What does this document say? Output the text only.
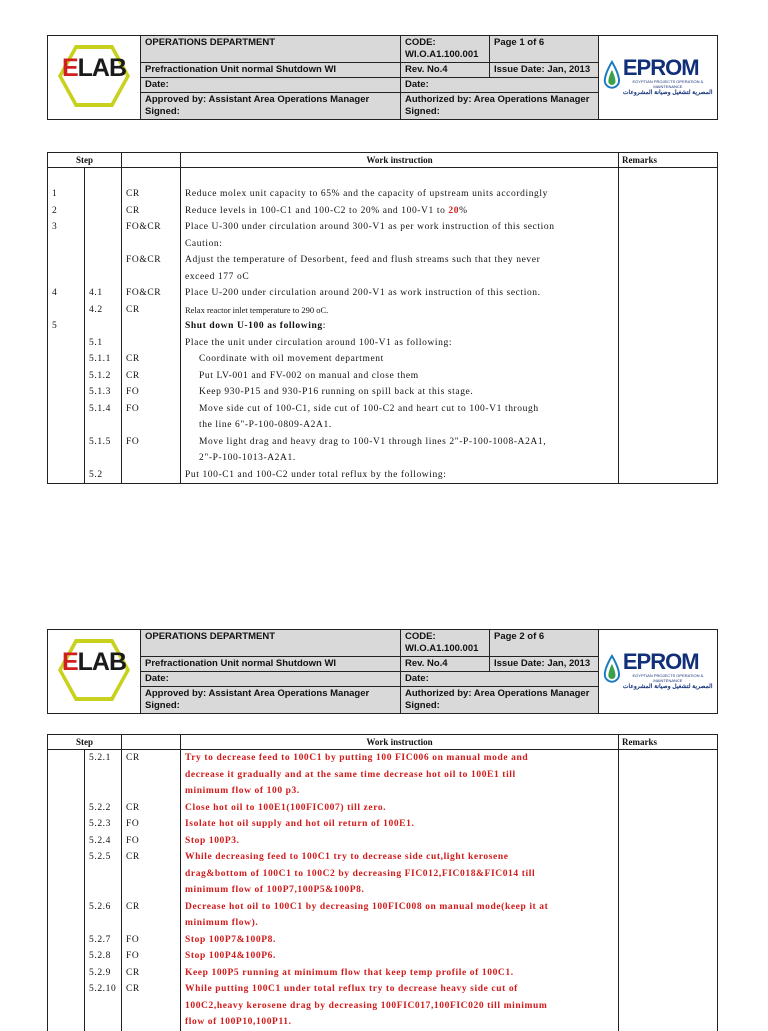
ELAB	OPERATIONS DEPARTMENT	CODE:
WI.O.A1.100.001	Page 1 of 6	EPROM
EGYPTIAN PROJECTS OPERATION & MAINTENANCE
المصرية لتشغيل وصيانة المشروعات

	Prefractionation Unit normal Shutdown WI	Rev. No.4	Issue Date: Jan, 2013	
	Date:	Date:		
	Approved by: Assistant Area Operations Manager
Signed:	Authorized by: Area Operations Manager
Signed:		
ELAB	OPERATIONS DEPARTMENT	CODE:
WI.O.A1.100.001	Page 2 of 6	EPROM
EGYPTIAN PROJECTS OPERATION & MAINTENANCE
المصرية لتشغيل وصيانة المشروعات

	Prefractionation Unit normal Shutdown WI	Rev. No.4	Issue Date: Jan, 2013	
	Date:	Date:		
	Approved by: Assistant Area Operations Manager
Signed:	Authorized by: Area Operations Manager
Signed:		
Step			Work instruction	Remarks

1		CR	Reduce molex unit capacity to 65% and the capacity of upstream units accordingly	
2		CR	Reduce levels in 100-C1 and 100-C2 to 20% and 100-V1 to 20%	
3		FO&CR	Place U-300 under circulation around 300-V1 as per work instruction of this section	
			Caution:	
		FO&CR	Adjust the temperature of Desorbent, feed and flush streams such that they never	
			exceed 177 oC	
4	4.1	FO&CR	Place U-200 under circulation around 200-V1 as work instruction of this section.	
	4.2	CR	Relax reactor inlet temperature to 290 oC.	
5			Shut down U-100 as following:	
	5.1		Place the unit under circulation around 100-V1 as following:	
	5.1.1	CR	Coordinate with oil movement department	
	5.1.2	CR	Put LV-001 and FV-002 on manual and close them	
	5.1.3	FO	Keep 930-P15 and 930-P16 running on spill back at this stage.	
	5.1.4	FO	Move side cut of 100-C1, side cut of 100-C2 and heart cut to 100-V1 through	
			the line 6"-P-100-0809-A2A1.	
	5.1.5	FO	Move light drag and heavy drag to 100-V1 through lines 2"-P-100-1008-A2A1,	
			2"-P-100-1013-A2A1.	
	5.2		Put 100-C1 and 100-C2 under total reflux by the following:	
Step			Work instruction	Remarks
	5.2.1	CR	Try to decrease feed to 100C1 by putting 100 FIC006 on manual mode and	
			decrease it gradually and at the same time decrease hot oil to 100E1 till	
			minimum flow of 100 p3.	
	5.2.2	CR	Close hot oil to 100E1(100FIC007) till zero.	
	5.2.3	FO	Isolate hot oil supply and hot oil return of 100E1.	
	5.2.4	FO	Stop 100P3.	
	5.2.5	CR	While decreasing feed to 100C1 try to decrease side cut,light kerosene	
			drag&bottom of 100C1 to 100C2 by decreasing FIC012,FIC018&FIC014 till	
			minimum flow of 100P7,100P5&100P8.	
	5.2.6	CR	Decrease hot oil to 100C1 by decreasing 100FIC008 on manual mode(keep it at	
			minimum flow).	
	5.2.7	FO	Stop 100P7&100P8.	
	5.2.8	FO	Stop 100P4&100P6.	
	5.2.9	CR	Keep 100P5 running at minimum flow that keep temp profile of 100C1.	
	5.2.10	CR	While putting 100C1 under total reflux try to decrease heavy side cut of	
			100C2,heavy kerosene drag by decreasing 100FIC017,100FIC020 till minimum	
			flow of 100P10,100P11.	
